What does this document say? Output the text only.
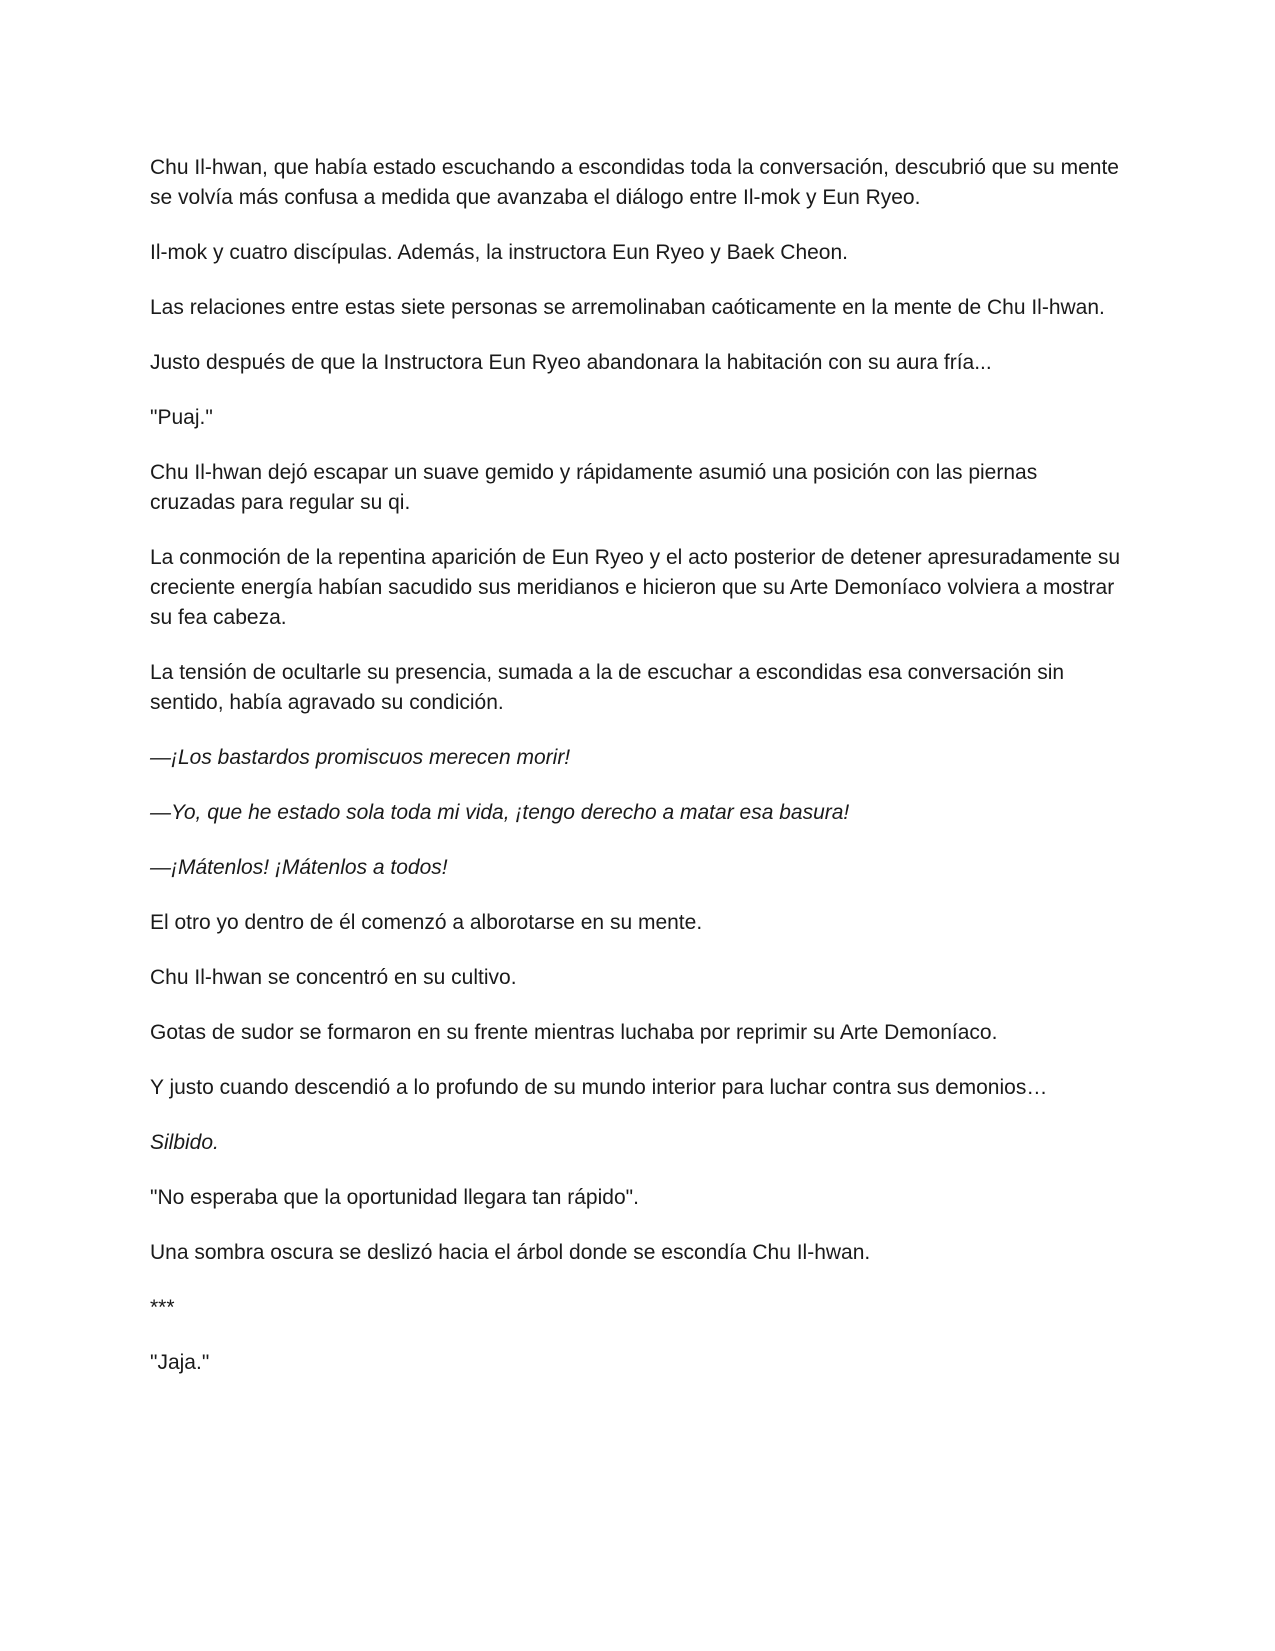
Chu Il-hwan, que había estado escuchando a escondidas toda la conversación, descubrió que su mente se volvía más confusa a medida que avanzaba el diálogo entre Il-mok y Eun Ryeo.

Il-mok y cuatro discípulas. Además, la instructora Eun Ryeo y Baek Cheon.

Las relaciones entre estas siete personas se arremolinaban caóticamente en la mente de Chu Il-hwan.

Justo después de que la Instructora Eun Ryeo abandonara la habitación con su aura fría...

"Puaj."

Chu Il-hwan dejó escapar un suave gemido y rápidamente asumió una posición con las piernas cruzadas para regular su qi.

La conmoción de la repentina aparición de Eun Ryeo y el acto posterior de detener apresuradamente su creciente energía habían sacudido sus meridianos e hicieron que su Arte Demoníaco volviera a mostrar su fea cabeza.

La tensión de ocultarle su presencia, sumada a la de escuchar a escondidas esa conversación sin sentido, había agravado su condición.

—¡Los bastardos promiscuos merecen morir!

—Yo, que he estado sola toda mi vida, ¡tengo derecho a matar esa basura!

—¡Mátenlos! ¡Mátenlos a todos!

El otro yo dentro de él comenzó a alborotarse en su mente.

Chu Il-hwan se concentró en su cultivo.

Gotas de sudor se formaron en su frente mientras luchaba por reprimir su Arte Demoníaco.

Y justo cuando descendió a lo profundo de su mundo interior para luchar contra sus demonios…

Silbido.

"No esperaba que la oportunidad llegara tan rápido".

Una sombra oscura se deslizó hacia el árbol donde se escondía Chu Il-hwan.

***

"Jaja."
